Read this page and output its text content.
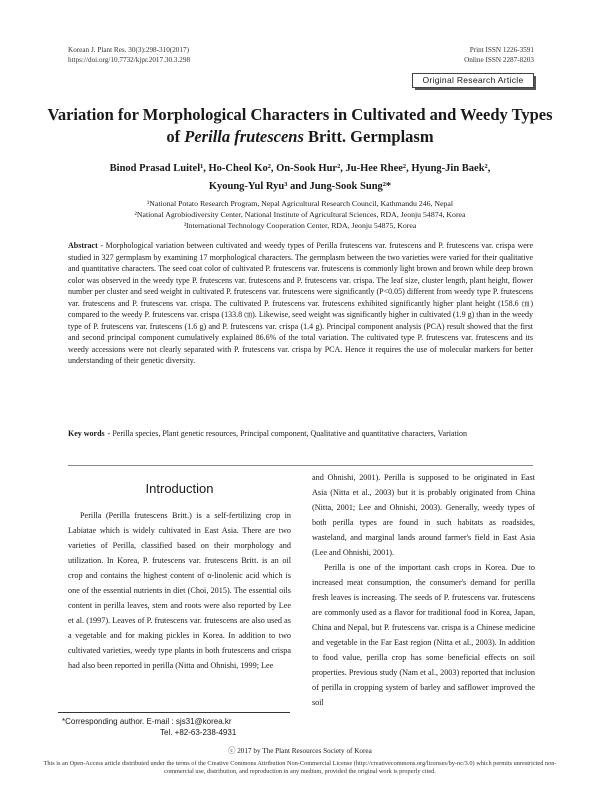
Korean J. Plant Res. 30(3):298-310(2017)
https://doi.org/10.7732/kjpr.2017.30.3.298
Print ISSN 1226-3591
Online ISSN 2287-8203
Original Research Article
Variation for Morphological Characters in Cultivated and Weedy Types
of Perilla frutescens Britt. Germplasm
Binod Prasad Luitel¹, Ho-Cheol Ko², On-Sook Hur², Ju-Hee Rhee², Hyung-Jin Baek²,
Kyoung-Yul Ryu³ and Jung-Sook Sung²*
¹National Potato Research Program, Nepal Agricultural Research Council, Kathmandu 246, Nepal
²National Agrobiodiversity Center, National Institute of Agricultural Sciences, RDA, Jeonju 54874, Korea
³International Technology Cooperation Center, RDA, Jeonju 54875, Korea
Abstract - Morphological variation between cultivated and weedy types of Perilla frutescens var. frutescens and P. frutescens var. crispa were studied in 327 germplasm by examining 17 morphological characters. The germplasm between the two varieties were varied for their qualitative and quantitative characters. The seed coat color of cultivated P. frutescens var. frutescens is commonly light brown and brown while deep brown color was observed in the weedy type P. frutescens var. frutescens and P. frutescens var. crispa. The leaf size, cluster length, plant height, flower number per cluster and seed weight in cultivated P. frutescens var. frutescens were significantly (P<0.05) different from weedy type P. frutescens var. frutescens and P. frutescens var. crispa. The cultivated P. frutescens var. frutescens exhibited significantly higher plant height (158.6 ㎝) compared to the weedy P. frutescens var. crispa (133.8 ㎝). Likewise, seed weight was significantly higher in cultivated (1.9 g) than in the weedy type of P. frutescens var. frutescens (1.6 g) and P. frutescens var. crispa (1.4 g). Principal component analysis (PCA) result showed that the first and second principal component cumulatively explained 86.6% of the total variation. The cultivated type P. frutescens var. frutescens and its weedy accessions were not clearly separated with P. frutescens var. crispa by PCA. Hence it requires the use of molecular markers for better understanding of their genetic diversity.
Key words - Perilla species, Plant genetic resources, Principal component, Qualitative and quantitative characters, Variation
Introduction

Perilla (Perilla frutescens Britt.) is a self-fertilizing crop in Labiatae which is widely cultivated in East Asia. There are two varieties of Perilla, classified based on their morphology and utilization. In Korea, P. frutescens var. frutescens Britt. is an oil crop and contains the highest content of α-linolenic acid which is one of the essential nutrients in diet (Choi, 2015). The essential oils content in perilla leaves, stem and roots were also reported by Lee et al. (1997). Leaves of P. frutescens var. frutescens are also used as a vegetable and for making pickles in Korea. In addition to two cultivated varieties, weedy type plants in both frutescens and crispa had also been reported in perilla (Nitta and Ohnishi, 1999; Lee

and Ohnishi, 2001). Perilla is supposed to be originated in East Asia (Nitta et al., 2003) but it is probably originated from China (Nitta, 2001; Lee and Ohnishi, 2003). Generally, weedy types of both perilla types are found in such habitats as roadsides, wasteland, and marginal lands around farmer's field in East Asia (Lee and Ohnishi, 2001).

Perilla is one of the important cash crops in Korea. Due to increased meat consumption, the consumer's demand for perilla fresh leaves is increasing. The seeds of P. frutescens var. frutescens are commonly used as a flavor for traditional food in Korea, Japan, China and Nepal, but P. frutescens var. crispa is a Chinese medicine and vegetable in the Far East region (Nitta et al., 2003). In addition to food value, perilla crop has some beneficial effects on soil properties. Previous study (Nam et al., 2003) reported that inclusion of perilla in cropping system of barley and safflower improved the soil

*Corresponding author. E-mail : sjs31@korea.kr
Tel. +82-63-238-4931
ⓒ 2017 by The Plant Resources Society of Korea
This is an Open-Access article distributed under the terms of the Creative Commons Attribution Non-Commercial License (http://creativecommons.org/licenses/by-nc/3.0) which permits unrestricted non-commercial use, distribution, and reproduction in any medium, provided the original work is properly cited.
